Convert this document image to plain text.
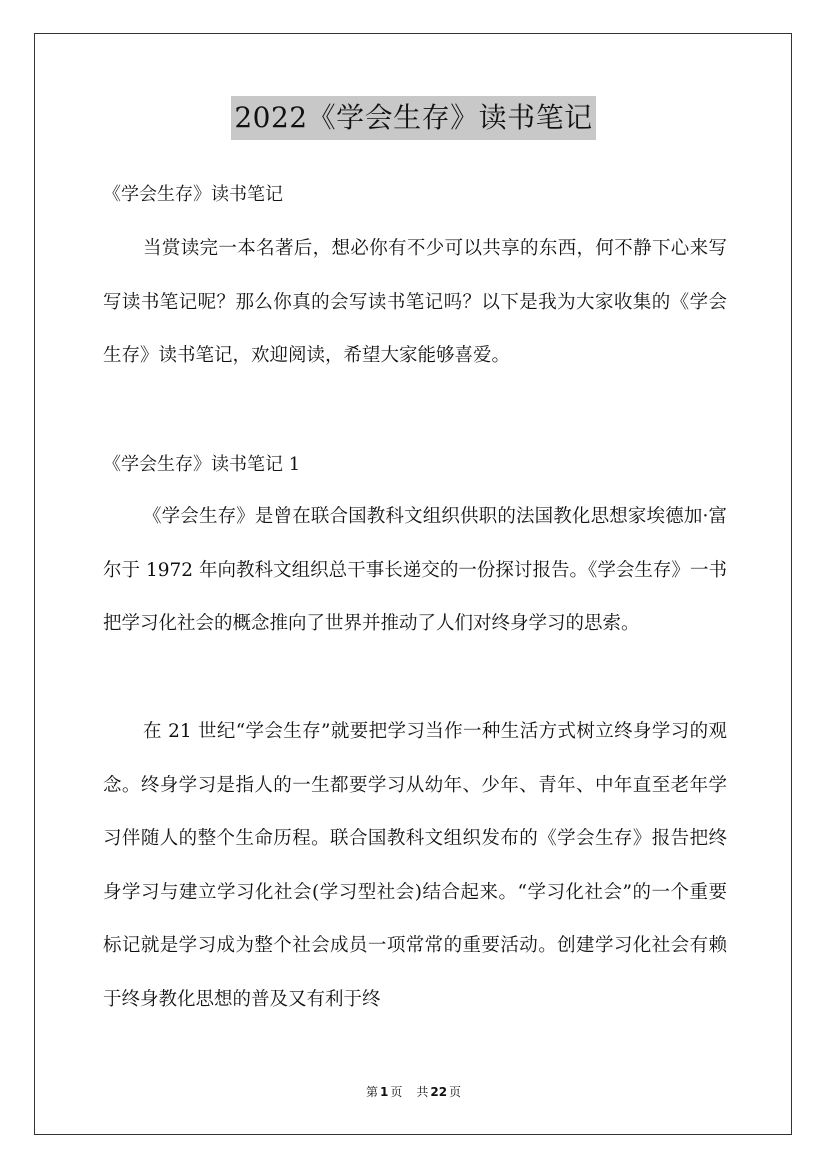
2022《学会生存》读书笔记
《学会生存》读书笔记

当赏读完一本名著后，想必你有不少可以共享的东西，何不静下心来写写读书笔记呢？那么你真的会写读书笔记吗？以下是我为大家收集的《学会生存》读书笔记，欢迎阅读，希望大家能够喜爱。

《学会生存》读书笔记 1

《学会生存》是曾在联合国教科文组织供职的法国教化思想家埃德加·富尔于 1972 年向教科文组织总干事长递交的一份探讨报告。《学会生存》一书把学习化社会的概念推向了世界并推动了人们对终身学习的思索。

在 21 世纪“学会生存”就要把学习当作一种生活方式树立终身学习的观念。终身学习是指人的一生都要学习从幼年、少年、青年、中年直至老年学习伴随人的整个生命历程。联合国教科文组织发布的《学会生存》报告把终身学习与建立学习化社会(学习型社会)结合起来。“学习化社会”的一个重要标记就是学习成为整个社会成员一项常常的重要活动。创建学习化社会有赖于终身教化思想的普及又有利于终

第 1 页 共 22 页
